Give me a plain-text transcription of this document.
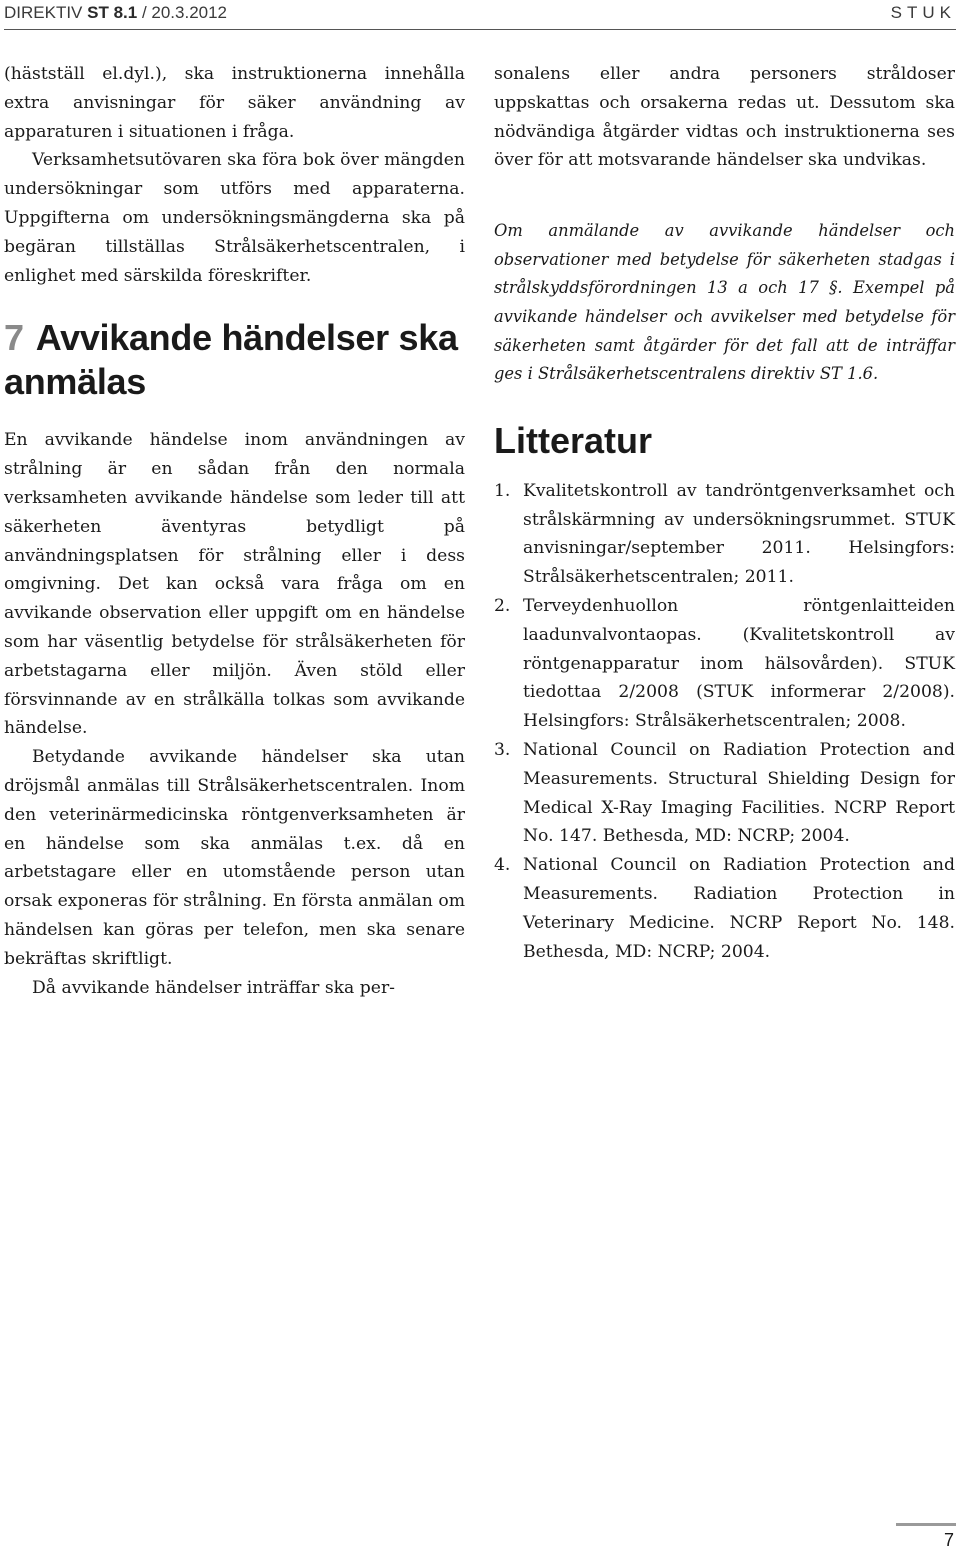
DIREKTIV ST 8.1 / 20.3.2012	STUK

(hästställ el.dyl.), ska instruktionerna innehålla extra anvisningar för säker användning av apparaturen i situationen i fråga.

Verksamhetsutövaren ska föra bok över mängden undersökningar som utförs med apparaterna. Uppgifterna om undersökningsmängderna ska på begäran tillställas Strålsäkerhetscentralen, i enlighet med särskilda föreskrifter.

7 Avvikande händelser ska anmälas

En avvikande händelse inom användningen av strålning är en sådan från den normala verksamheten avvikande händelse som leder till att säkerheten äventyras betydligt på användningsplatsen för strålning eller i dess omgivning. Det kan också vara fråga om en avvikande observation eller uppgift om en händelse som har väsentlig betydelse för strålsäkerheten för arbetstagarna eller miljön. Även stöld eller försvinnande av en strålkälla tolkas som avvikande händelse.

Betydande avvikande händelser ska utan dröjsmål anmälas till Strålsäkerhetscentralen. Inom den veterinärmedicinska röntgenverksamheten är en händelse som ska anmälas t.ex. då en arbetstagare eller en utomstående person utan orsak exponeras för strålning. En första anmälan om händelsen kan göras per telefon, men ska senare bekräftas skriftligt.

Då avvikande händelser inträffar ska per-

sonalens eller andra personers stråldoser uppskattas och orsakerna redas ut. Dessutom ska nödvändiga åtgärder vidtas och instruktionerna ses över för att motsvarande händelser ska undvikas.

Om anmälande av avvikande händelser och observationer med betydelse för säkerheten stadgas i strålskyddsförordningen 13 a och 17 §. Exempel på avvikande händelser och avvikelser med betydelse för säkerheten samt åtgärder för det fall att de inträffar ges i Strålsäkerhetscentralens direktiv ST 1.6.

Litteratur
1. Kvalitetskontroll av tandröntgenverksamhet och strålskärmning av undersökningsrummet. STUK anvisningar/september 2011. Helsingfors: Strålsäkerhetscentralen; 2011.
2. Terveydenhuollon röntgenlaitteiden laadunvalvontaopas. (Kvalitetskontroll av röntgenapparatur inom hälsovården). STUK tiedottaa 2/2008 (STUK informerar 2/2008). Helsingfors: Strålsäkerhetscentralen; 2008.
3. National Council on Radiation Protection and Measurements. Structural Shielding Design for Medical X-Ray Imaging Facilities. NCRP Report No. 147. Bethesda, MD: NCRP; 2004.
4. National Council on Radiation Protection and Measurements. Radiation Protection in Veterinary Medicine. NCRP Report No. 148. Bethesda, MD: NCRP; 2004.
7
